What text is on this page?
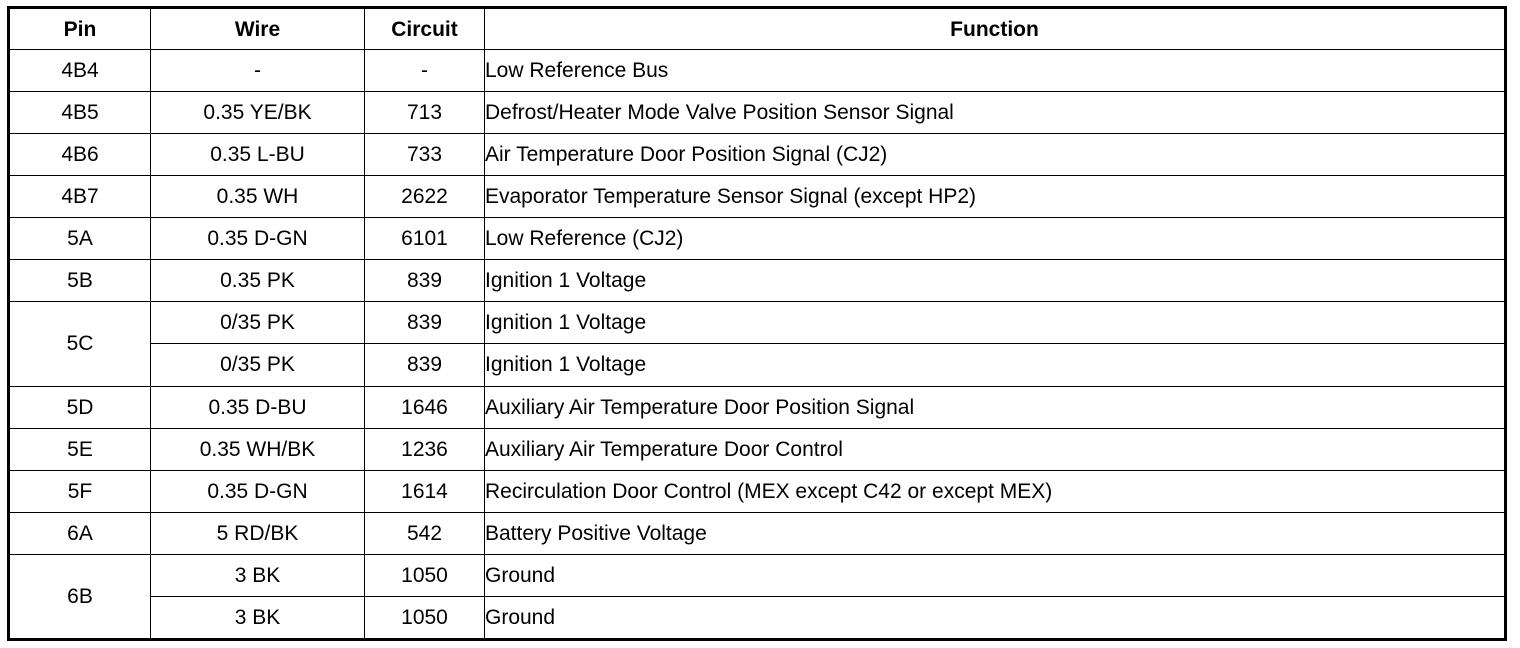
Pin	Wire	Circuit	Function
4B4	-	-	Low Reference Bus
4B5	0.35 YE/BK	713	Defrost/Heater Mode Valve Position Sensor Signal
4B6	0.35 L-BU	733	Air Temperature Door Position Signal (CJ2)
4B7	0.35 WH	2622	Evaporator Temperature Sensor Signal (except HP2)
5A	0.35 D-GN	6101	Low Reference (CJ2)
5B	0.35 PK	839	Ignition 1 Voltage
5C	0/35 PK	839	Ignition 1 Voltage
	0/35 PK	839	Ignition 1 Voltage
5D	0.35 D-BU	1646	Auxiliary Air Temperature Door Position Signal
5E	0.35 WH/BK	1236	Auxiliary Air Temperature Door Control
5F	0.35 D-GN	1614	Recirculation Door Control (MEX except C42 or except MEX)
6A	5 RD/BK	542	Battery Positive Voltage
6B	3 BK	1050	Ground
	3 BK	1050	Ground
